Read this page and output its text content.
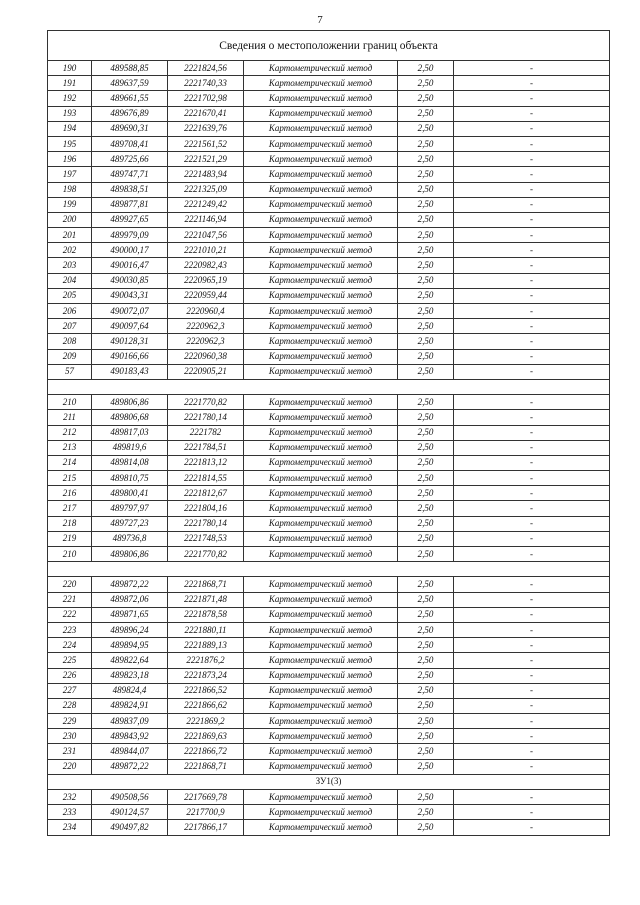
7
Сведения о местоположении границ объекта					
190	489588,85	2221824,56	Картометрический метод	2,50	-
191	489637,59	2221740,33	Картометрический метод	2,50	-
192	489661,55	2221702,98	Картометрический метод	2,50	-
193	489676,89	2221670,41	Картометрический метод	2,50	-
194	489690,31	2221639,76	Картометрический метод	2,50	-
195	489708,41	2221561,52	Картометрический метод	2,50	-
196	489725,66	2221521,29	Картометрический метод	2,50	-
197	489747,71	2221483,94	Картометрический метод	2,50	-
198	489838,51	2221325,09	Картометрический метод	2,50	-
199	489877,81	2221249,42	Картометрический метод	2,50	-
200	489927,65	2221146,94	Картометрический метод	2,50	-
201	489979,09	2221047,56	Картометрический метод	2,50	-
202	490000,17	2221010,21	Картометрический метод	2,50	-
203	490016,47	2220982,43	Картометрический метод	2,50	-
204	490030,85	2220965,19	Картометрический метод	2,50	-
205	490043,31	2220959,44	Картометрический метод	2,50	-
206	490072,07	2220960,4	Картометрический метод	2,50	-
207	490097,64	2220962,3	Картометрический метод	2,50	-
208	490128,31	2220962,3	Картометрический метод	2,50	-
209	490166,66	2220960,38	Картометрический метод	2,50	-
57	490183,43	2220905,21	Картометрический метод	2,50	-

210	489806,86	2221770,82	Картометрический метод	2,50	-
211	489806,68	2221780,14	Картометрический метод	2,50	-
212	489817,03	2221782	Картометрический метод	2,50	-
213	489819,6	2221784,51	Картометрический метод	2,50	-
214	489814,08	2221813,12	Картометрический метод	2,50	-
215	489810,75	2221814,55	Картометрический метод	2,50	-
216	489800,41	2221812,67	Картометрический метод	2,50	-
217	489797,97	2221804,16	Картометрический метод	2,50	-
218	489727,23	2221780,14	Картометрический метод	2,50	-
219	489736,8	2221748,53	Картометрический метод	2,50	-
210	489806,86	2221770,82	Картометрический метод	2,50	-

220	489872,22	2221868,71	Картометрический метод	2,50	-
221	489872,06	2221871,48	Картометрический метод	2,50	-
222	489871,65	2221878,58	Картометрический метод	2,50	-
223	489896,24	2221880,11	Картометрический метод	2,50	-
224	489894,95	2221889,13	Картометрический метод	2,50	-
225	489822,64	2221876,2	Картометрический метод	2,50	-
226	489823,18	2221873,24	Картометрический метод	2,50	-
227	489824,4	2221866,52	Картометрический метод	2,50	-
228	489824,91	2221866,62	Картометрический метод	2,50	-
229	489837,09	2221869,2	Картометрический метод	2,50	-
230	489843,92	2221869,63	Картометрический метод	2,50	-
231	489844,07	2221866,72	Картометрический метод	2,50	-
220	489872,22	2221868,71	Картометрический метод	2,50	-
ЗУ1(3)					
232	490508,56	2217669,78	Картометрический метод	2,50	-
233	490124,57	2217700,9	Картометрический метод	2,50	-
234	490497,82	2217866,17	Картометрический метод	2,50	-
